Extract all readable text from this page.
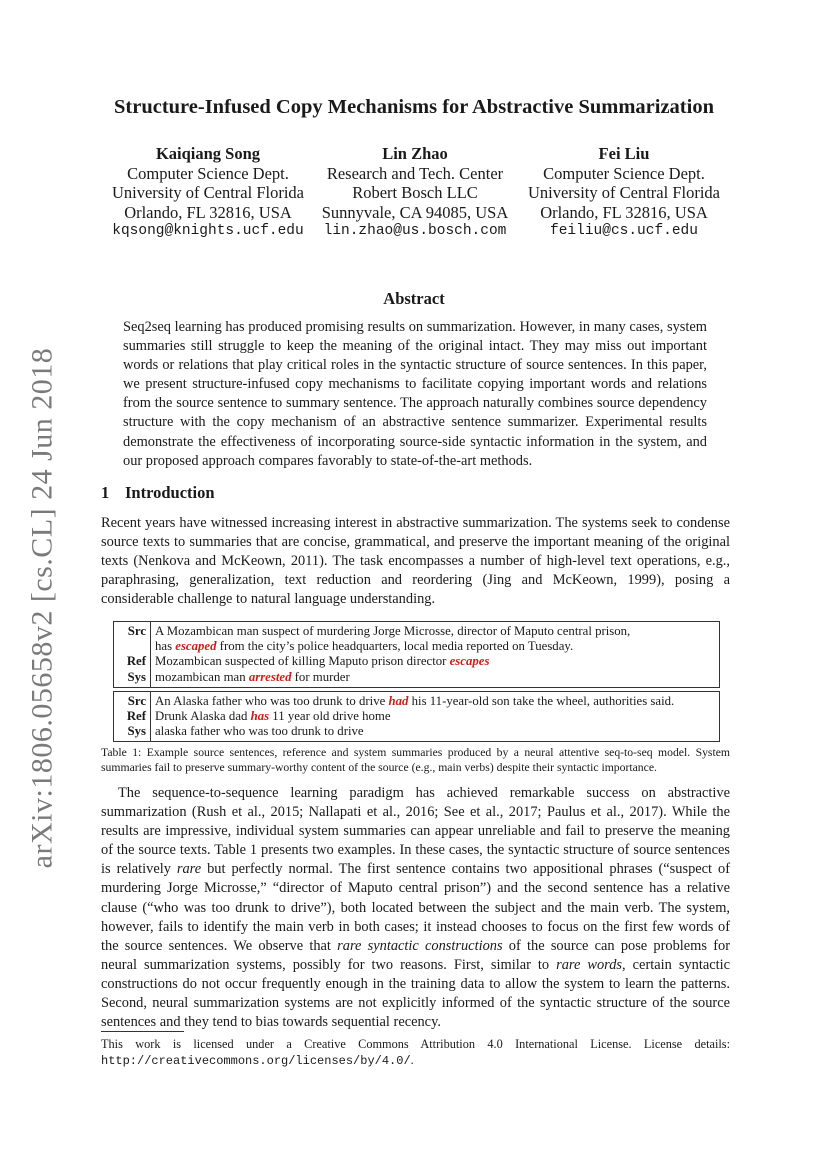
arXiv:1806.05658v2 [cs.CL] 24 Jun 2018
Structure-Infused Copy Mechanisms for Abstractive Summarization
Kaiqiang Song
Computer Science Dept.
University of Central Florida
Orlando, FL 32816, USA
kqsong@knights.ucf.edu
Lin Zhao
Research and Tech. Center
Robert Bosch LLC
Sunnyvale, CA 94085, USA
lin.zhao@us.bosch.com
Fei Liu
Computer Science Dept.
University of Central Florida
Orlando, FL 32816, USA
feiliu@cs.ucf.edu
Abstract
Seq2seq learning has produced promising results on summarization. However, in many cases, system summaries still struggle to keep the meaning of the original intact. They may miss out important words or relations that play critical roles in the syntactic structure of source sentences. In this paper, we present structure-infused copy mechanisms to facilitate copying important words and relations from the source sentence to summary sentence. The approach naturally combines source dependency structure with the copy mechanism of an abstractive sentence summarizer. Experimental results demonstrate the effectiveness of incorporating source-side syntactic information in the system, and our proposed approach compares favorably to state-of-the-art methods.
1 Introduction
Recent years have witnessed increasing interest in abstractive summarization. The systems seek to condense source texts to summaries that are concise, grammatical, and preserve the important meaning of the original texts (Nenkova and McKeown, 2011). The task encompasses a number of high-level text operations, e.g., paraphrasing, generalization, text reduction and reordering (Jing and McKeown, 1999), posing a considerable challenge to natural language understanding.
Src	A Mozambican man suspect of murdering Jorge Microsse, director of Maputo central prison,
	has escaped from the city’s police headquarters, local media reported on Tuesday.
Ref	Mozambican suspected of killing Maputo prison director escapes
Sys	mozambican man arrested for murder
Src	An Alaska father who was too drunk to drive had his 11-year-old son take the wheel, authorities said.
Ref	Drunk Alaska dad has 11 year old drive home
Sys	alaska father who was too drunk to drive
Table 1: Example source sentences, reference and system summaries produced by a neural attentive seq-to-seq model. System summaries fail to preserve summary-worthy content of the source (e.g., main verbs) despite their syntactic importance.
The sequence-to-sequence learning paradigm has achieved remarkable success on abstractive summarization (Rush et al., 2015; Nallapati et al., 2016; See et al., 2017; Paulus et al., 2017). While the results are impressive, individual system summaries can appear unreliable and fail to preserve the meaning of the source texts. Table 1 presents two examples. In these cases, the syntactic structure of source sentences is relatively rare but perfectly normal. The first sentence contains two appositional phrases (“suspect of murdering Jorge Microsse,” “director of Maputo central prison”) and the second sentence has a relative clause (“who was too drunk to drive”), both located between the subject and the main verb. The system, however, fails to identify the main verb in both cases; it instead chooses to focus on the first few words of the source sentences. We observe that rare syntactic constructions of the source can pose problems for neural summarization systems, possibly for two reasons. First, similar to rare words, certain syntactic constructions do not occur frequently enough in the training data to allow the system to learn the patterns. Second, neural summarization systems are not explicitly informed of the syntactic structure of the source sentences and they tend to bias towards sequential recency.
This work is licensed under a Creative Commons Attribution 4.0 International License. License details: http://creativecommons.org/licenses/by/4.0/.
